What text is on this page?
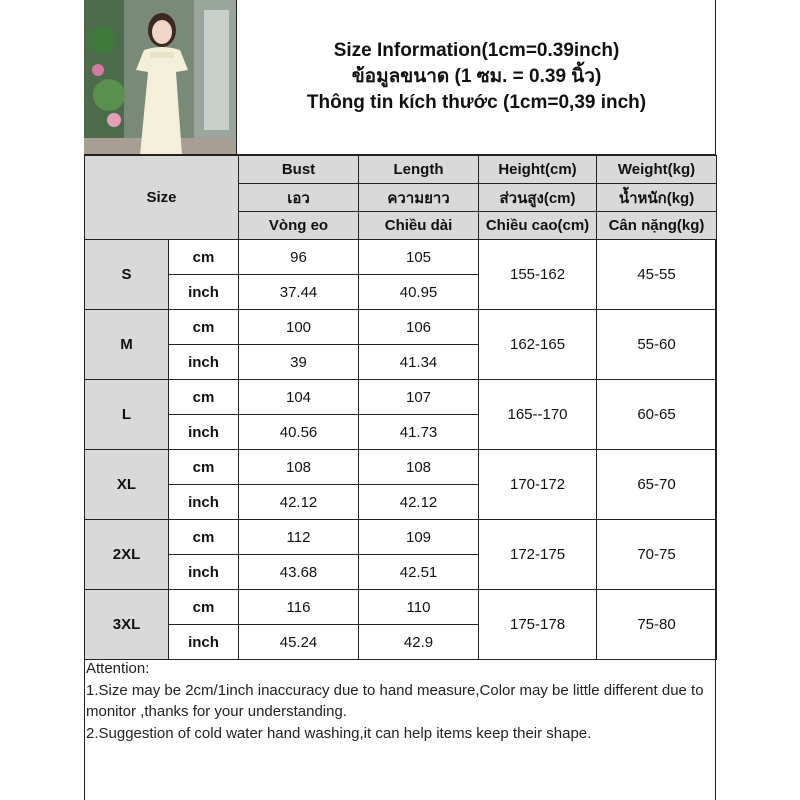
Size Information(1cm=0.39inch)
ข้อมูลขนาด (1 ซม. = 0.39 นิ้ว)
Thông tin kích thước (1cm=0,39 inch)
Size		Bust	Length	Height(cm)	Weight(kg)
		เอว	ความยาว	ส่วนสูง(cm)	น้ำหนัก(kg)
		Vòng eo	Chiều dài	Chiều cao(cm)	Cân nặng(kg)
S	cm	96	105	155-162	45-55
	inch	37.44	40.95		
M	cm	100	106	162-165	55-60
	inch	39	41.34		
L	cm	104	107	165--170	60-65
	inch	40.56	41.73		
XL	cm	108	108	170-172	65-70
	inch	42.12	42.12		
2XL	cm	112	109	172-175	70-75
	inch	43.68	42.51		
3XL	cm	116	110	175-178	75-80
	inch	45.24	42.9		
Attention:
1.Size may be 2cm/1inch inaccuracy due to hand measure,Color may be little different due to monitor ,thanks for your understanding.
2.Suggestion of cold water hand washing,it can help items keep their shape.
